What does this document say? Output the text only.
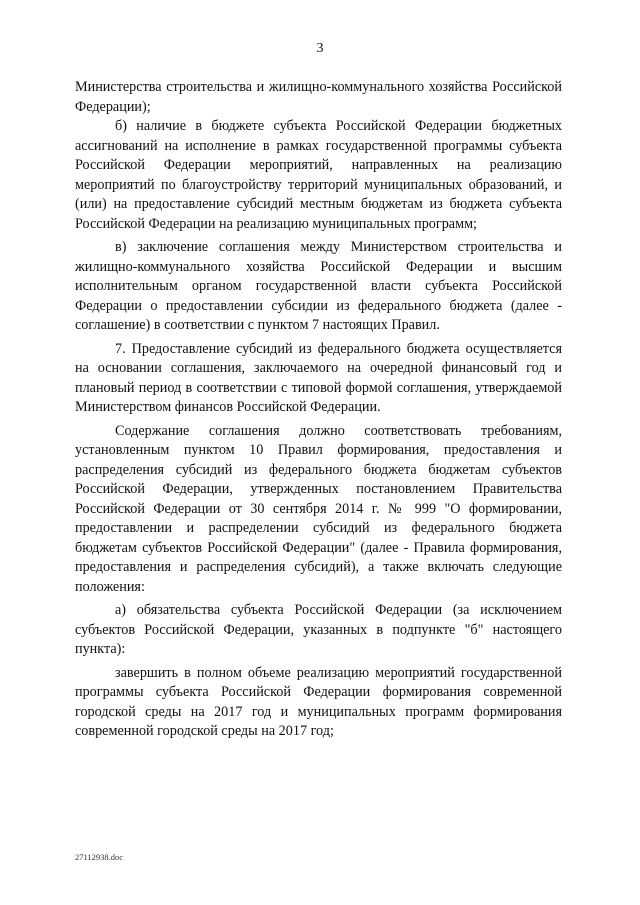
3

Министерства строительства и жилищно-коммунального хозяйства Российской Федерации);

б) наличие в бюджете субъекта Российской Федерации бюджетных ассигнований на исполнение в рамках государственной программы субъекта Российской Федерации мероприятий, направленных на реализацию мероприятий по благоустройству территорий муниципальных образований, и (или) на предоставление субсидий местным бюджетам из бюджета субъекта Российской Федерации на реализацию муниципальных программ;

в) заключение соглашения между Министерством строительства и жилищно-коммунального хозяйства Российской Федерации и высшим исполнительным органом государственной власти субъекта Российской Федерации о предоставлении субсидии из федерального бюджета (далее - соглашение) в соответствии с пунктом 7 настоящих Правил.

7. Предоставление субсидий из федерального бюджета осуществляется на основании соглашения, заключаемого на очередной финансовый год и плановый период в соответствии с типовой формой соглашения, утверждаемой Министерством финансов Российской Федерации.

Содержание соглашения должно соответствовать требованиям, установленным пунктом 10 Правил формирования, предоставления и распределения субсидий из федерального бюджета бюджетам субъектов Российской Федерации, утвержденных постановлением Правительства Российской Федерации от 30 сентября 2014 г. № 999 "О формировании, предоставлении и распределении субсидий из федерального бюджета бюджетам субъектов Российской Федерации" (далее - Правила формирования, предоставления и распределения субсидий), а также включать следующие положения:

а) обязательства субъекта Российской Федерации (за исключением субъектов Российской Федерации, указанных в подпункте "б" настоящего пункта):

завершить в полном объеме реализацию мероприятий государственной программы субъекта Российской Федерации формирования современной городской среды на 2017 год и муниципальных программ формирования современной городской среды на 2017 год;

27112938.doc
